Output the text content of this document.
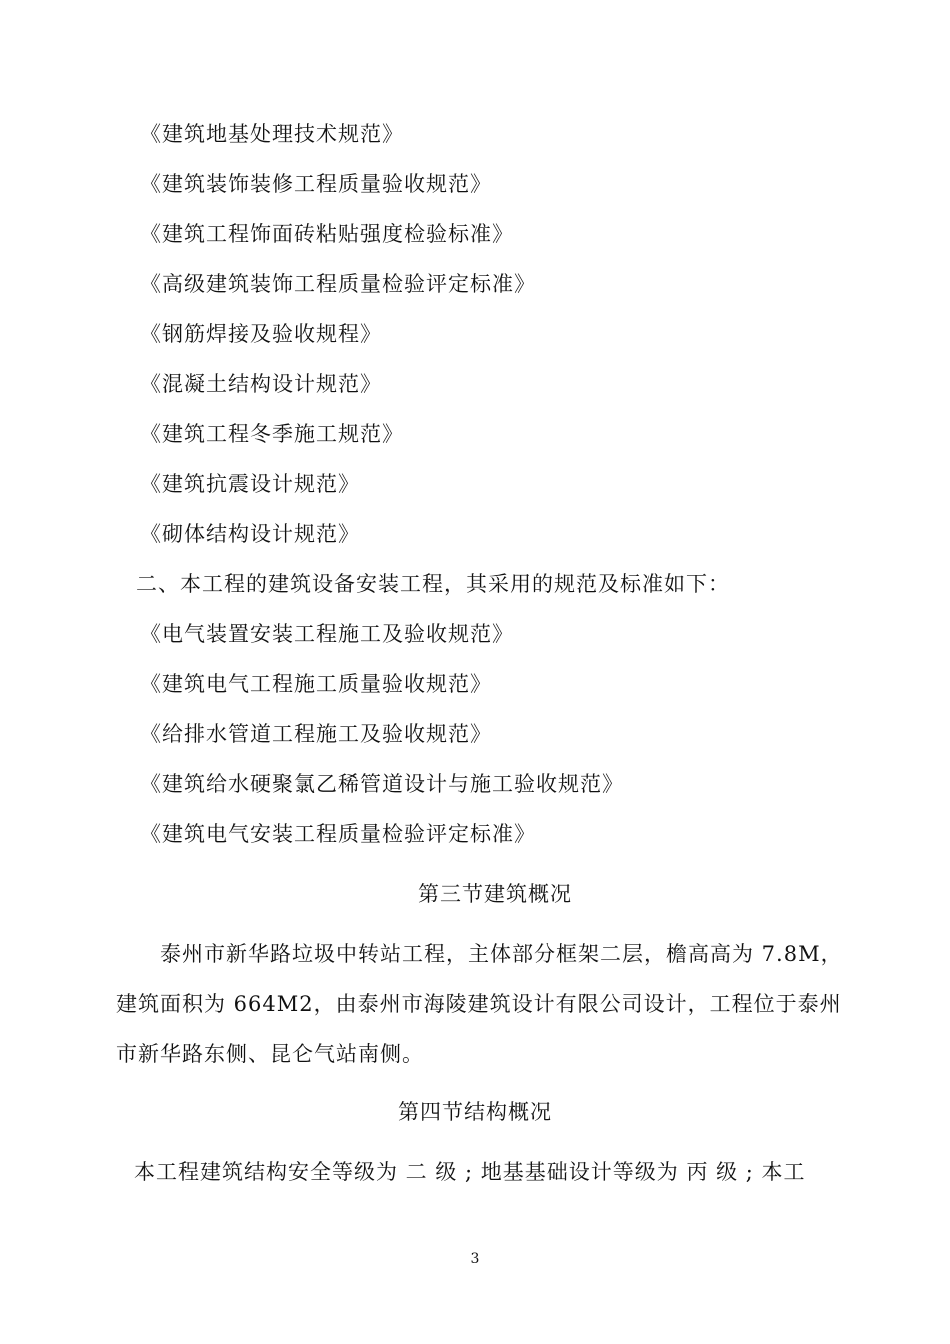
《建筑地基处理技术规范》
《建筑装饰装修工程质量验收规范》
《建筑工程饰面砖粘贴强度检验标准》
《高级建筑装饰工程质量检验评定标准》
《钢筋焊接及验收规程》
《混凝土结构设计规范》
《建筑工程冬季施工规范》
《建筑抗震设计规范》
《砌体结构设计规范》
二、本工程的建筑设备安装工程，其采用的规范及标准如下：
《电气装置安装工程施工及验收规范》
《建筑电气工程施工质量验收规范》
《给排水管道工程施工及验收规范》
《建筑给水硬聚氯乙稀管道设计与施工验收规范》
《建筑电气安装工程质量检验评定标准》
第三节建筑概况
泰州市新华路垃圾中转站工程，主体部分框架二层，檐高高为 7.8M，
建筑面积为 664M2，由泰州市海陵建筑设计有限公司设计，工程位于泰州
市新华路东侧、昆仑气站南侧。
第四节结构概况
本工程建筑结构安全等级为 二 级 ; 地基基础设计等级为 丙 级 ; 本工
3
